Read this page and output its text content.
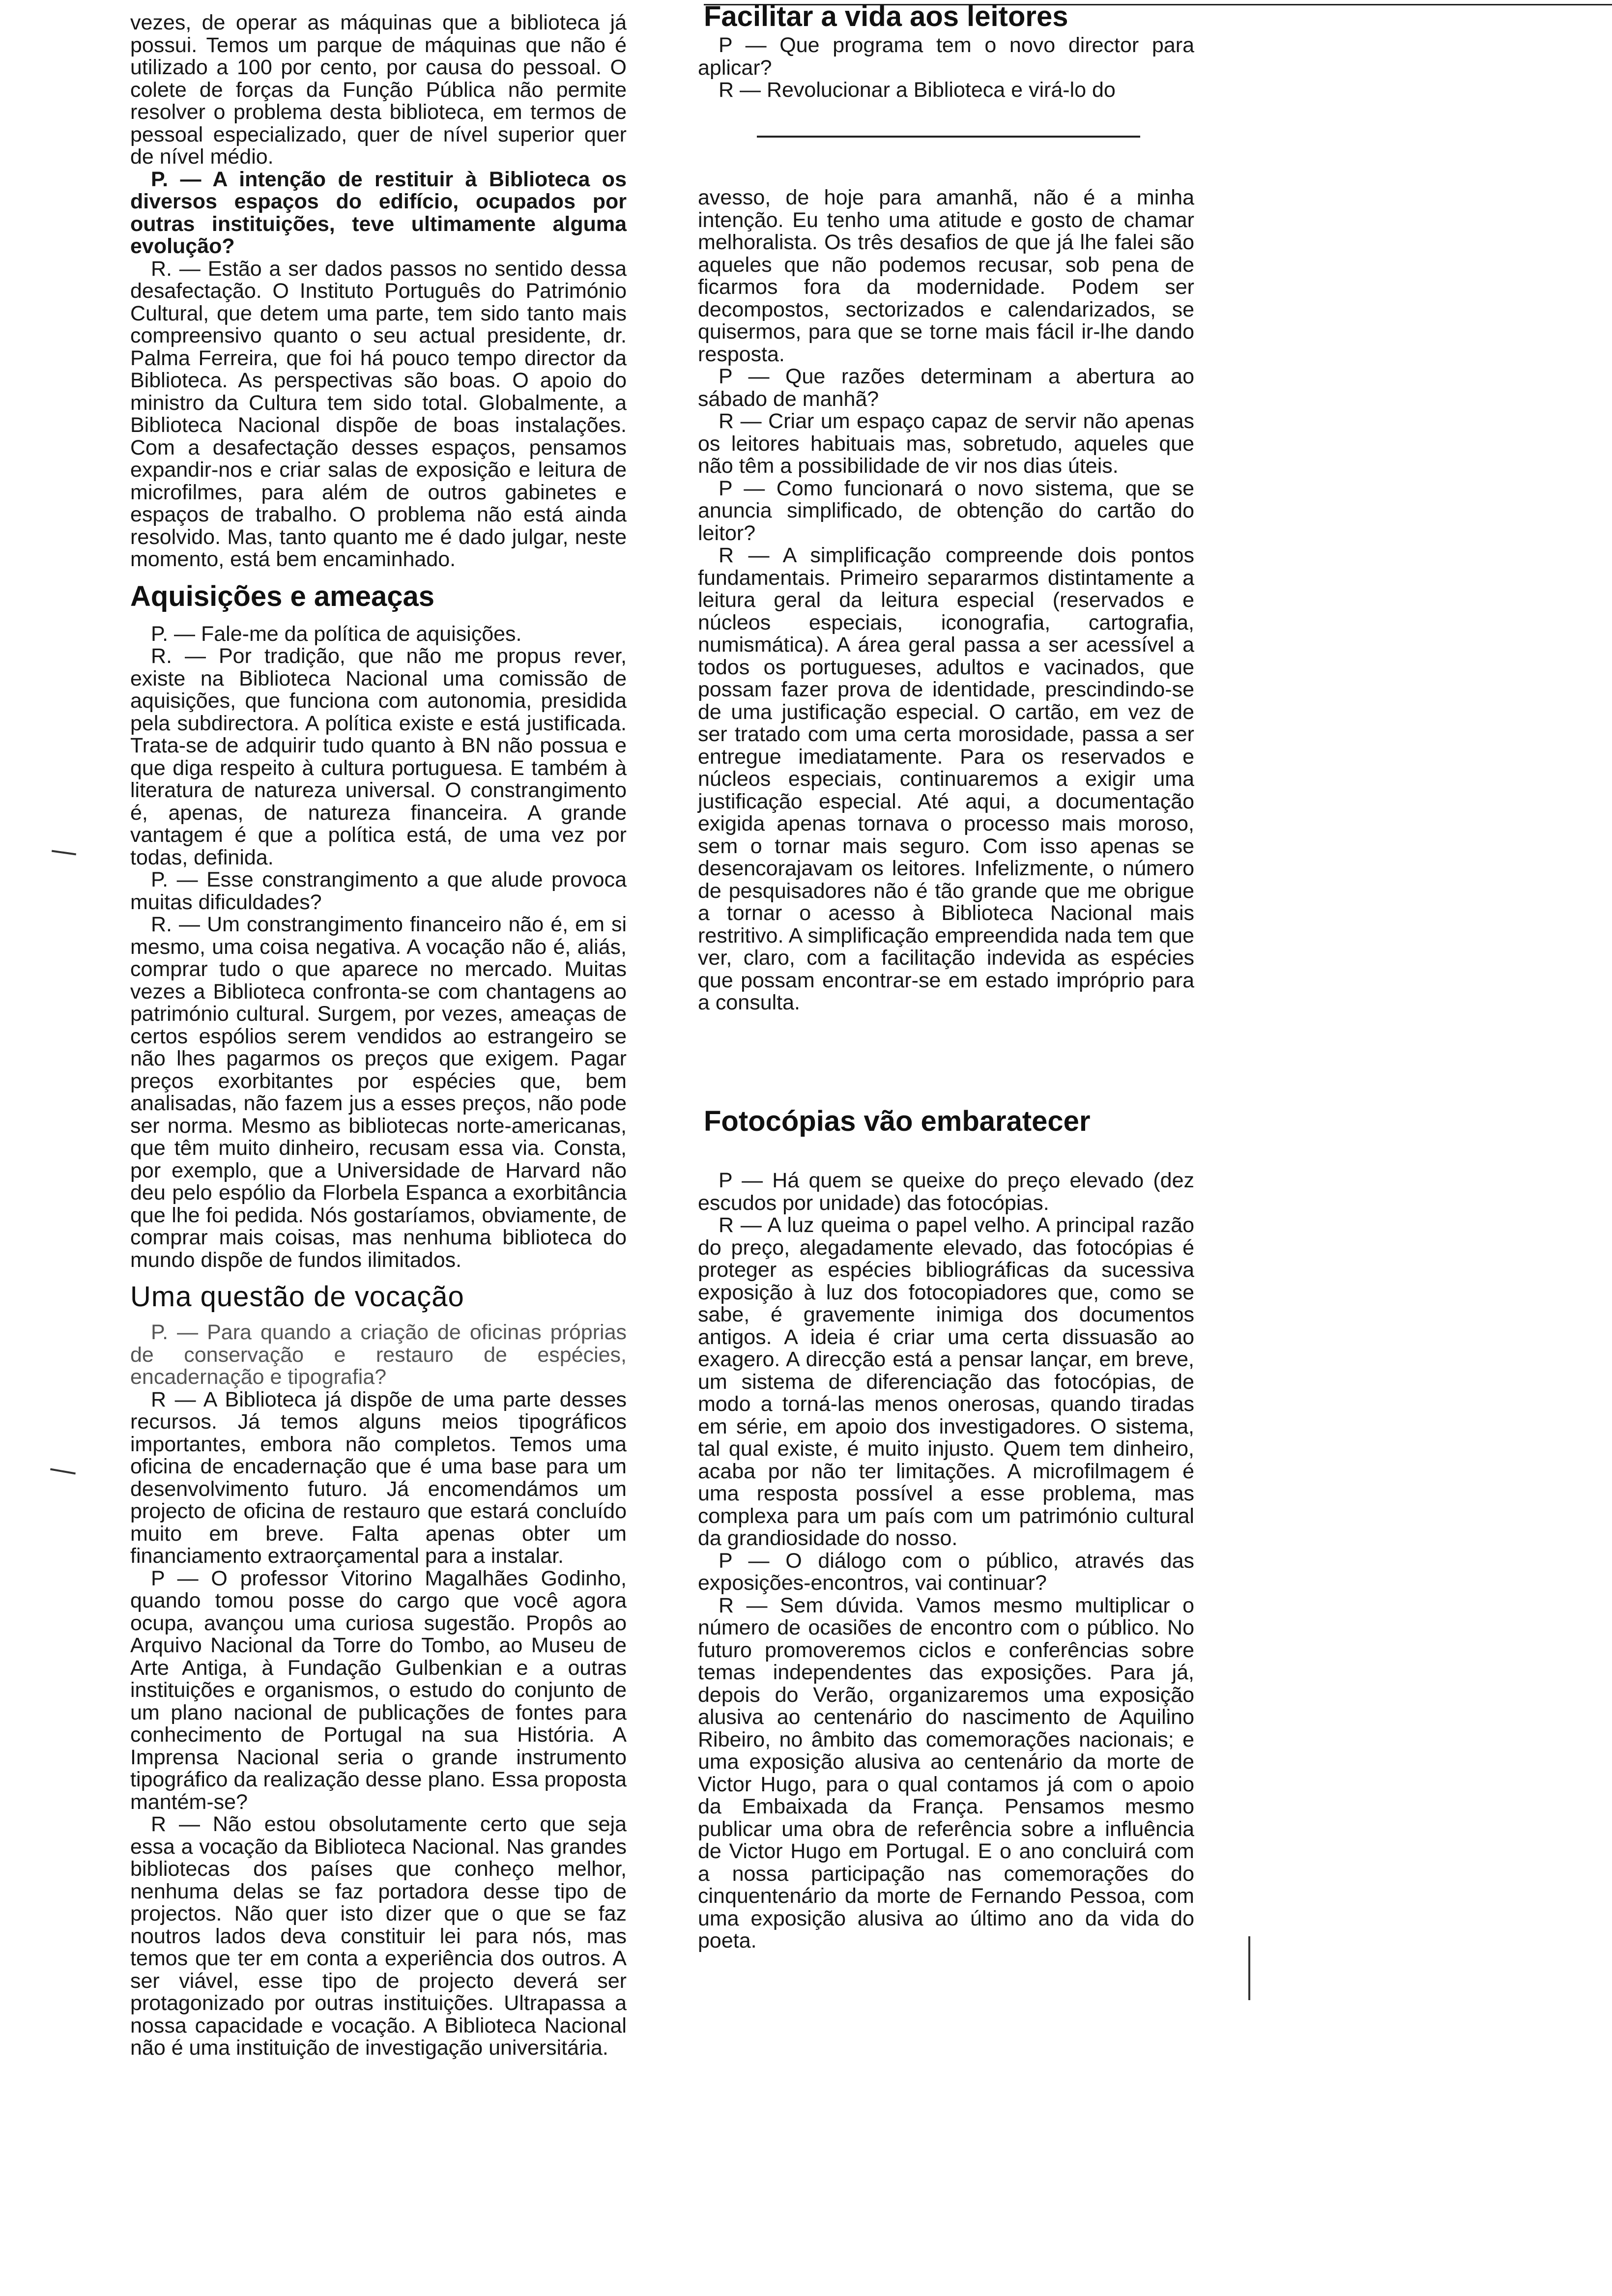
vezes, de operar as máquinas que a biblioteca já possui. Temos um parque de máquinas que não é utilizado a 100 por cento, por causa do pessoal. O colete de forças da Função Pública não permite resolver o problema desta biblioteca, em termos de pessoal especializado, quer de nível superior quer de nível médio.

P. — A intenção de restituir à Biblioteca os diversos espaços do edifício, ocupados por outras instituições, teve ultimamente alguma evolução?

R. — Estão a ser dados passos no sentido dessa desafectação. O Instituto Português do Património Cultural, que detem uma parte, tem sido tanto mais compreensivo quanto o seu actual presidente, dr. Palma Ferreira, que foi há pouco tempo director da Biblioteca. As perspectivas são boas. O apoio do ministro da Cultura tem sido total. Globalmente, a Biblioteca Nacional dispõe de boas instalações. Com a desafectação desses espaços, pensamos expandir-nos e criar salas de exposição e leitura de microfilmes, para além de outros gabinetes e espaços de trabalho. O problema não está ainda resolvido. Mas, tanto quanto me é dado julgar, neste momento, está bem encaminhado.

Aquisições e ameaças

P. — Fale-me da política de aquisições.

R. — Por tradição, que não me propus rever, existe na Biblioteca Nacional uma comissão de aquisições, que funciona com autonomia, presidida pela subdirectora. A política existe e está justificada. Trata-se de adquirir tudo quanto à BN não possua e que diga respeito à cultura portuguesa. E também à literatura de natureza universal. O constrangimento é, apenas, de natureza financeira. A grande vantagem é que a política está, de uma vez por todas, definida.

P. — Esse constrangimento a que alude provoca muitas dificuldades?

R. — Um constrangimento financeiro não é, em si mesmo, uma coisa negativa. A vocação não é, aliás, comprar tudo o que aparece no mercado. Muitas vezes a Biblioteca confronta-se com chantagens ao património cultural. Surgem, por vezes, ameaças de certos espólios serem vendidos ao estrangeiro se não lhes pagarmos os preços que exigem. Pagar preços exorbitantes por espécies que, bem analisadas, não fazem jus a esses preços, não pode ser norma. Mesmo as bibliotecas norte-americanas, que têm muito dinheiro, recusam essa via. Consta, por exemplo, que a Universidade de Harvard não deu pelo espólio da Florbela Espanca a exorbitância que lhe foi pedida. Nós gostaríamos, obviamente, de comprar mais coisas, mas nenhuma biblioteca do mundo dispõe de fundos ilimitados.

Uma questão de vocação

P. — Para quando a criação de oficinas próprias de conservação e restauro de espécies, encadernação e tipografia?

R — A Biblioteca já dispõe de uma parte desses recursos. Já temos alguns meios tipográficos importantes, embora não completos. Temos uma oficina de encadernação que é uma base para um desenvolvimento futuro. Já encomendámos um projecto de oficina de restauro que estará concluído muito em breve. Falta apenas obter um financiamento extraorçamental para a instalar.

P — O professor Vitorino Magalhães Godinho, quando tomou posse do cargo que você agora ocupa, avançou uma curiosa sugestão. Propôs ao Arquivo Nacional da Torre do Tombo, ao Museu de Arte Antiga, à Fundação Gulbenkian e a outras instituições e organismos, o estudo do conjunto de um plano nacional de publicações de fontes para conhecimento de Portugal na sua História. A Imprensa Nacional seria o grande instrumento tipográfico da realização desse plano. Essa proposta mantém-se?

R — Não estou obsolutamente certo que seja essa a vocação da Biblioteca Nacional. Nas grandes bibliotecas dos países que conheço melhor, nenhuma delas se faz portadora desse tipo de projectos. Não quer isto dizer que o que se faz noutros lados deva constituir lei para nós, mas temos que ter em conta a experiência dos outros. A ser viável, esse tipo de projecto deverá ser protagonizado por outras instituições. Ultrapassa a nossa capacidade e vocação. A Biblioteca Nacional não é uma instituição de investigação universitária.

Facilitar a vida aos leitores

P — Que programa tem o novo director para aplicar?

R — Revolucionar a Biblioteca e virá-lo do

avesso, de hoje para amanhã, não é a minha intenção. Eu tenho uma atitude e gosto de chamar melhoralista. Os três desafios de que já lhe falei são aqueles que não podemos recusar, sob pena de ficarmos fora da modernidade. Podem ser decompostos, sectorizados e calendarizados, se quisermos, para que se torne mais fácil ir-lhe dando resposta.

P — Que razões determinam a abertura ao sábado de manhã?

R — Criar um espaço capaz de servir não apenas os leitores habituais mas, sobretudo, aqueles que não têm a possibilidade de vir nos dias úteis.

P — Como funcionará o novo sistema, que se anuncia simplificado, de obtenção do cartão do leitor?

R — A simplificação compreende dois pontos fundamentais. Primeiro separarmos distintamente a leitura geral da leitura especial (reservados e núcleos especiais, iconografia, cartografia, numismática). A área geral passa a ser acessível a todos os portugueses, adultos e vacinados, que possam fazer prova de identidade, prescindindo-se de uma justificação especial. O cartão, em vez de ser tratado com uma certa morosidade, passa a ser entregue imediatamente. Para os reservados e núcleos especiais, continuaremos a exigir uma justificação especial. Até aqui, a documentação exigida apenas tornava o processo mais moroso, sem o tornar mais seguro. Com isso apenas se desencorajavam os leitores. Infelizmente, o número de pesquisadores não é tão grande que me obrigue a tornar o acesso à Biblioteca Nacional mais restritivo. A simplificação empreendida nada tem que ver, claro, com a facilitação indevida as espécies que possam encontrar-se em estado impróprio para a consulta.

Fotocópias vão embaratecer

P — Há quem se queixe do preço elevado (dez escudos por unidade) das fotocópias.

R — A luz queima o papel velho. A principal razão do preço, alegadamente elevado, das fotocópias é proteger as espécies bibliográficas da sucessiva exposição à luz dos fotocopiadores que, como se sabe, é gravemente inimiga dos documentos antigos. A ideia é criar uma certa dissuasão ao exagero. A direcção está a pensar lançar, em breve, um sistema de diferenciação das fotocópias, de modo a torná-las menos onerosas, quando tiradas em série, em apoio dos investigadores. O sistema, tal qual existe, é muito injusto. Quem tem dinheiro, acaba por não ter limitações. A microfilmagem é uma resposta possível a esse problema, mas complexa para um país com um património cultural da grandiosidade do nosso.

P — O diálogo com o público, através das exposições-encontros, vai continuar?

R — Sem dúvida. Vamos mesmo multiplicar o número de ocasiões de encontro com o público. No futuro promoveremos ciclos e conferências sobre temas independentes das exposições. Para já, depois do Verão, organizaremos uma exposição alusiva ao centenário do nascimento de Aquilino Ribeiro, no âmbito das comemorações nacionais; e uma exposição alusiva ao centenário da morte de Victor Hugo, para o qual contamos já com o apoio da Embaixada da França. Pensamos mesmo publicar uma obra de referência sobre a influência de Victor Hugo em Portugal. E o ano concluirá com a nossa participação nas comemorações do cinquentenário da morte de Fernando Pessoa, com uma exposição alusiva ao último ano da vida do poeta.
